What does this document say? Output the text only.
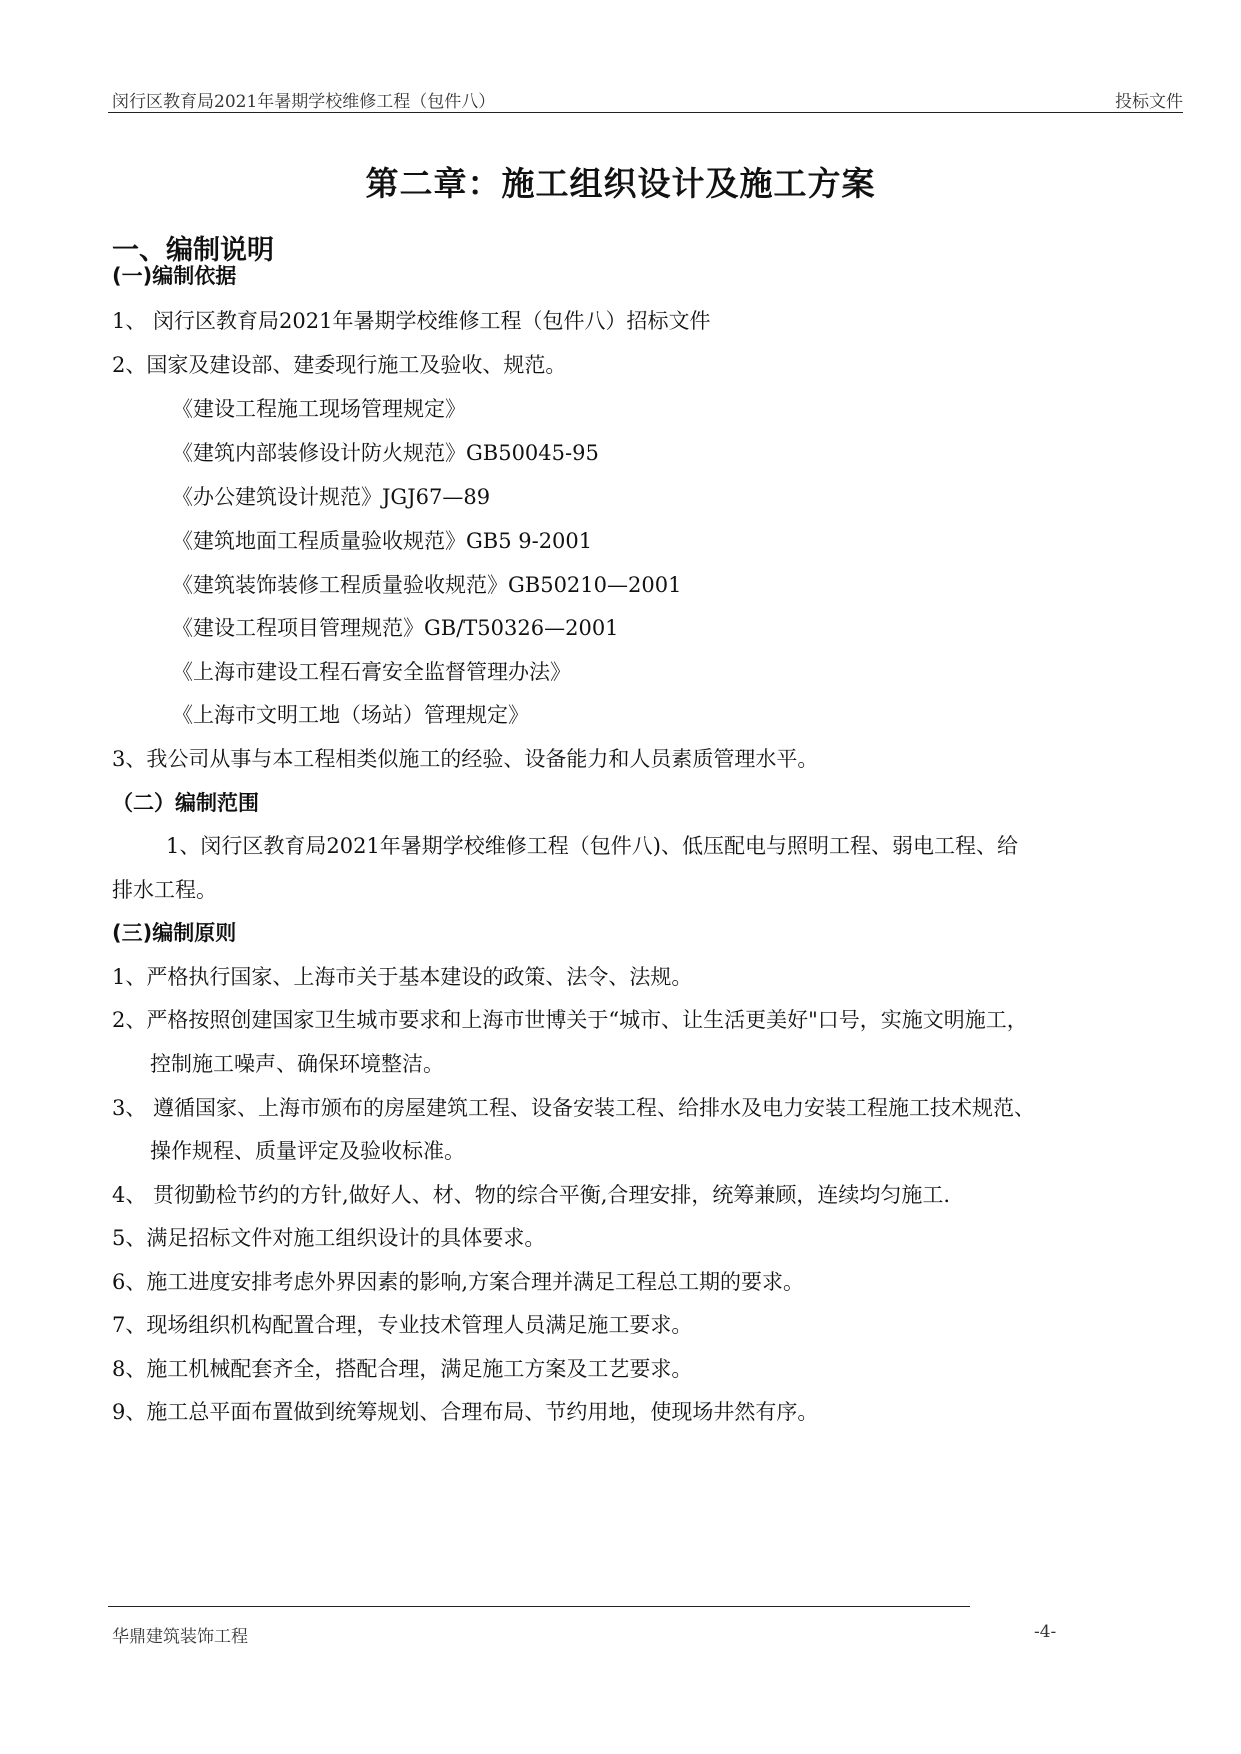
闵行区教育局2021年暑期学校维修工程（包件八）	投标文件
第二章：施工组织设计及施工方案
一、编制说明
(一)编制依据
1、 闵行区教育局2021年暑期学校维修工程（包件八）招标文件
2、国家及建设部、建委现行施工及验收、规范。
《建设工程施工现场管理规定》
《建筑内部装修设计防火规范》GB50045-95
《办公建筑设计规范》JGJ67—89
《建筑地面工程质量验收规范》GB5 9-2001
《建筑装饰装修工程质量验收规范》GB50210—2001
《建设工程项目管理规范》GB/T50326—2001
《上海市建设工程石膏安全监督管理办法》
《上海市文明工地（场站）管理规定》
3、我公司从事与本工程相类似施工的经验、设备能力和人员素质管理水平。
（二）编制范围
1、闵行区教育局2021年暑期学校维修工程（包件八)、低压配电与照明工程、弱电工程、给
排水工程。
(三)编制原则
1、严格执行国家、上海市关于基本建设的政策、法令、法规。
2、严格按照创建国家卫生城市要求和上海市世博关于“城市、让生活更美好"口号，实施文明施工，
控制施工噪声、确保环境整洁。
3、 遵循国家、上海市颁布的房屋建筑工程、设备安装工程、给排水及电力安装工程施工技术规范、
操作规程、质量评定及验收标准。
4、 贯彻勤检节约的方针,做好人、材、物的综合平衡,合理安排，统筹兼顾，连续均匀施工.
5、满足招标文件对施工组织设计的具体要求。
6、施工进度安排考虑外界因素的影响,方案合理并满足工程总工期的要求。
7、现场组织机构配置合理，专业技术管理人员满足施工要求。
8、施工机械配套齐全，搭配合理，满足施工方案及工艺要求。
9、施工总平面布置做到统筹规划、合理布局、节约用地，使现场井然有序。
华鼎建筑装饰工程	-4-
